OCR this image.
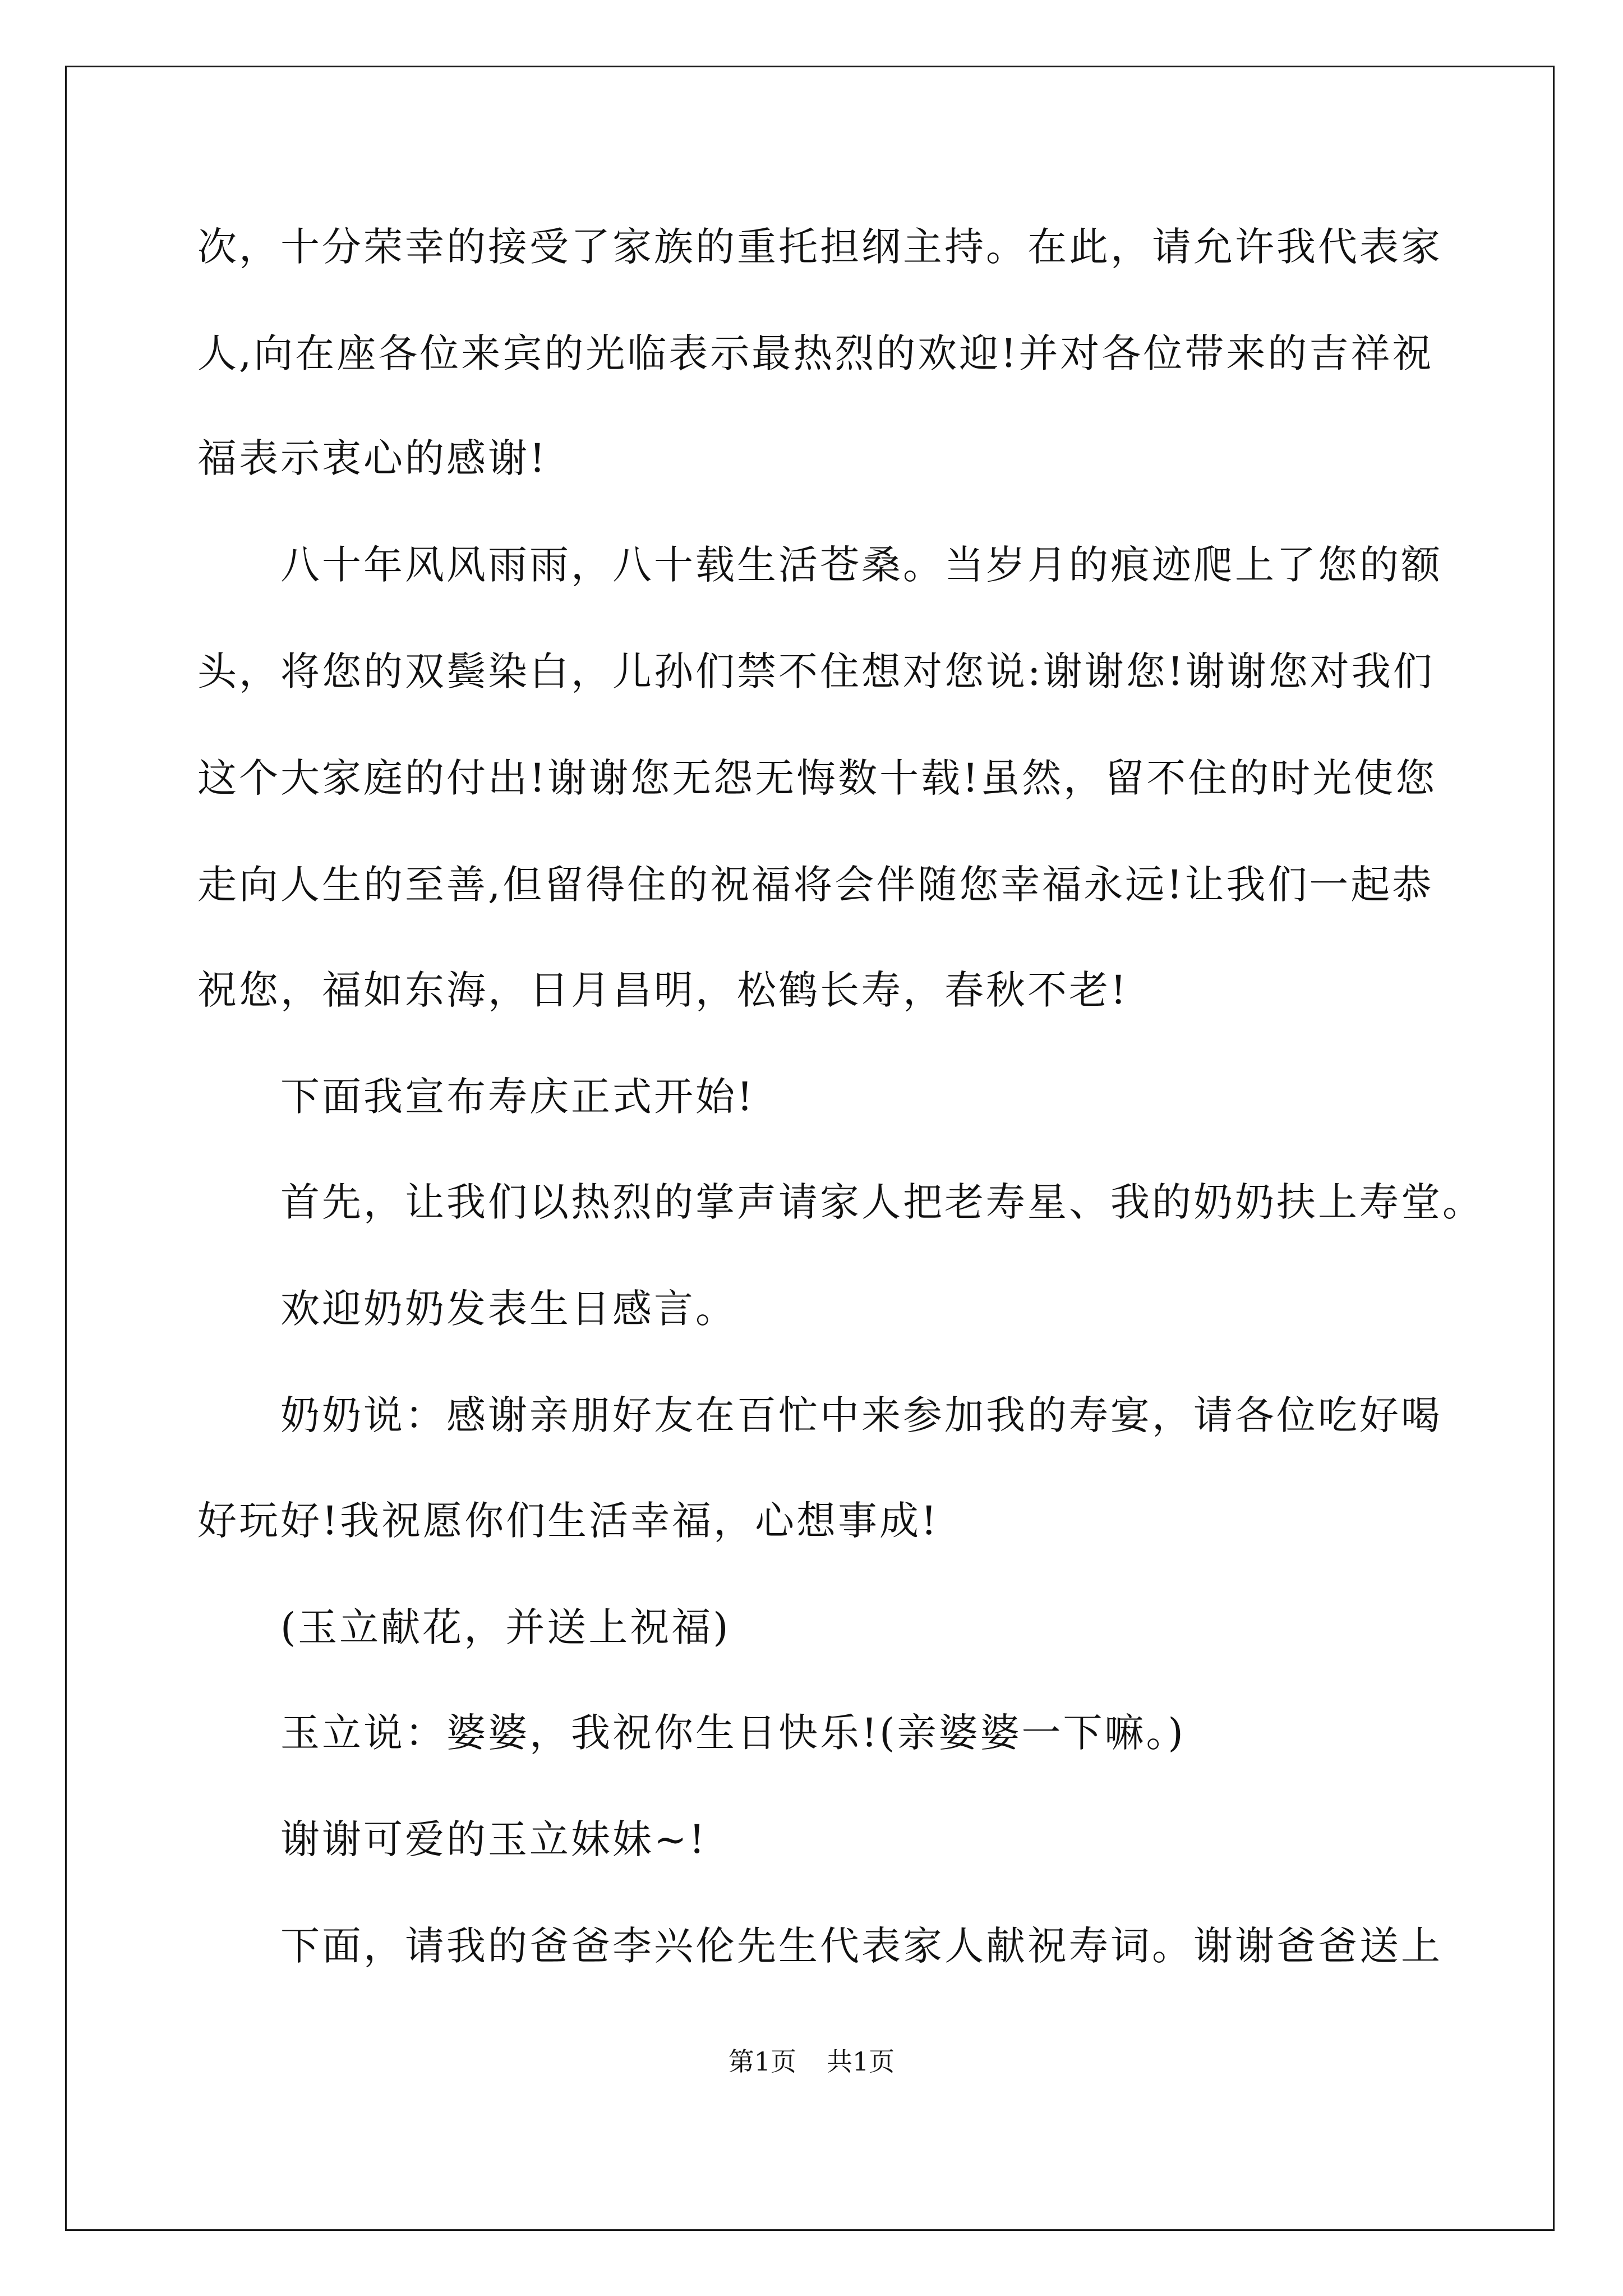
次，十分荣幸的接受了家族的重托担纲主持。在此，请允许我代表家
人,向在座各位来宾的光临表示最热烈的欢迎!并对各位带来的吉祥祝
福表示衷心的感谢!
八十年风风雨雨，八十载生活苍桑。当岁月的痕迹爬上了您的额
头，将您的双鬓染白，儿孙们禁不住想对您说:谢谢您!谢谢您对我们
这个大家庭的付出!谢谢您无怨无悔数十载!虽然，留不住的时光使您
走向人生的至善,但留得住的祝福将会伴随您幸福永远!让我们一起恭
祝您，福如东海，日月昌明，松鹤长寿，春秋不老!
下面我宣布寿庆正式开始!
首先，让我们以热烈的掌声请家人把老寿星、我的奶奶扶上寿堂。
欢迎奶奶发表生日感言。
奶奶说：感谢亲朋好友在百忙中来参加我的寿宴，请各位吃好喝
好玩好!我祝愿你们生活幸福，心想事成!
(玉立献花，并送上祝福)
玉立说：婆婆，我祝你生日快乐!(亲婆婆一下嘛。)
谢谢可爱的玉立妹妹~!
下面，请我的爸爸李兴伦先生代表家人献祝寿词。谢谢爸爸送上
第1页 共1页
